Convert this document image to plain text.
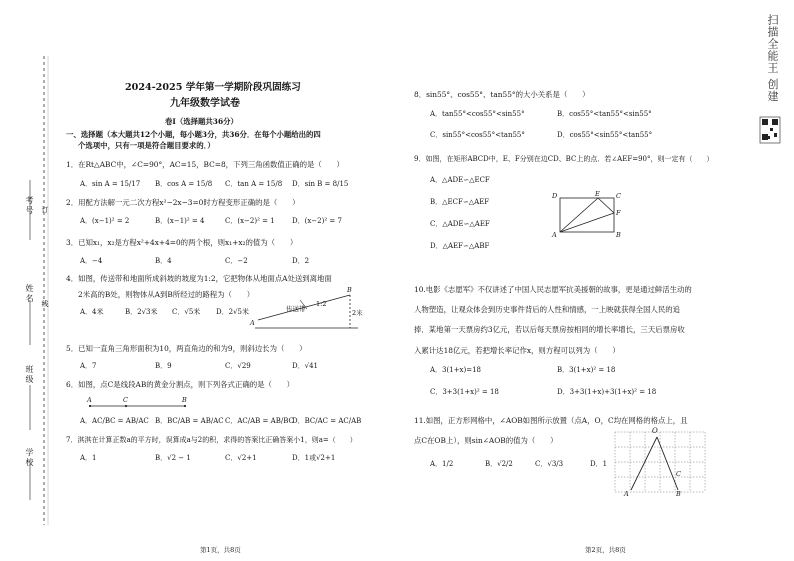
考号
姓名
班级
学校
订
线
扫描全能王 创建
2024-2025 学年第一学期阶段巩固练习
九年级数学试卷
卷Ⅰ（选择题共36分）
一、选择题（本大题共12个小题，每小题3分，共36分．在每个小题给出的四
个选项中，只有一项是符合题目要求的．）
1．在Rt△ABC中，∠C=90°，AC=15，BC=8，下列三角函数值正确的是（　　）
A．sin A = 15/17 B．cos A = 15/8 C．tan A = 15/8 D．sin B = 8/15
2．用配方法解一元二次方程x²−2x−3=0时方程变形正确的是（　　）
A．(x−1)² = 2	B．(x−1)² = 4	C．(x−2)² = 1 D．(x−2)² = 7
3．已知x₁，x₂是方程x²+4x+4=0的两个根，则x₁+x₂的值为（　　）
A．−4	B．4	C．−2	D．2
4．如图，传送带和地面所成斜坡的坡度为1:2，它把物体从地面点A处送到离地面
2米高的B处，则物体从A到B所经过的路程为（　　）
A．4米	B．2√3米 C．√5米 D．2√5米	传送带
1:2
2米
A
B
5．已知一直角三角形面积为10，两直角边的和为9，则斜边长为（　　）
A．7	B．9	C．√29	D．√41
6．如图，点C是线段AB的黄金分割点，则下列各式正确的是（　　）
A	C	B
A．AC/BC = AB/AC B．BC/AB = AB/AC C．AC/AB = AB/BC
D．BC/AC = AC/AB
7．淇淇在计算正数a的平方时，误算成a与2的积，求得的答案比正确答案小1，则a=（　　）
A．1	B．√2 − 1	C．√2+1	D．1或√2+1
第1页，共8页
8．sin55°、cos55°、tan55°的大小关系是（　　）
A．tan55°<cos55°<sin55°	B．cos55°<tan55°<sin55°
C．sin55°<cos55°<tan55°	D．cos55°<sin55°<tan55°
9．如图，在矩形ABCD中，E、F分别在边CD、BC上的点．若∠AEF=90°，则一定有（　　）
A．△ADE∽△ECF
B．△ECF∽△AEF
C．△ADE∽△AEF
D．△AEF∽△ABF
D	E	C
F
A	B
10.电影《志愿军》不仅讲述了中国人民志愿军抗美援朝的故事，更是通过鲜活生动的
人物塑造，让观众体会到历史事件背后的人性和情感，一上映就获得全国人民的追
捧．某地第一天票房约3亿元，若以后每天票房按相同的增长率增长，三天后票房收
入累计达18亿元，若把增长率记作x，则方程可以列为（　　）
A．3(1+x)=18	B．3(1+x)² = 18
C．3+3(1+x)² = 18	D．3+3(1+x)+3(1+x)² = 18
11.如图，正方形网格中，∠AOB如图所示放置（点A，O，C均在网格的格点上，且
点C在OB上），则sin∠AOB的值为（　　）
A．1/2	B．√2/2	C．√3/3	D．1
O
C
A	B
第2页，共8页
